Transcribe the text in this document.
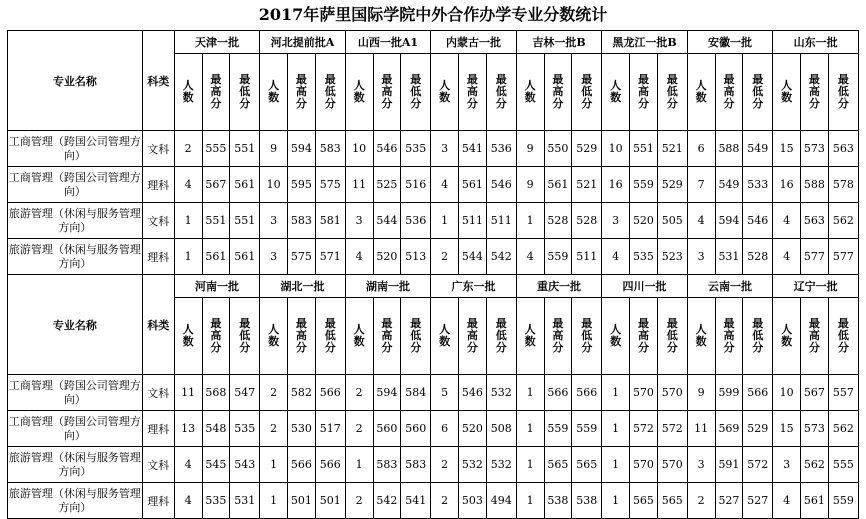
2017年萨里国际学院中外合作办学专业分数统计
专业名称	科类	天津一批			河北提前批A			山西一批A1			内蒙古一批			吉林一批B			黑龙江一批B			安徽一批			山东一批		

		人
数	最
高
分	最
低
分	人
数	最
高
分	最
低
分	人
数	最
高
分	最
低
分	人
数	最
高
分	最
低
分	人
数	最
高
分	最
低
分	人
数	最
高
分	最
低
分	人
数	最
高
分	最
低
分	人
数	最
高
分	最
低
分

工商管理（跨国公司管理方向）	文科	2	555	551	9	594	583	10	546	535	3	541	536	9	550	529	10	551	521	6	588	549	15	573	563
工商管理（跨国公司管理方向）	理科	4	567	561	10	595	575	11	525	516	4	561	546	9	561	521	16	559	529	7	549	533	16	588	578
旅游管理（休闲与服务管理方向）	文科	1	551	551	3	583	581	3	544	536	1	511	511	1	528	528	3	520	505	4	594	546	4	563	562
旅游管理（休闲与服务管理方向）	理科	1	561	561	3	575	571	4	520	513	2	544	542	4	559	511	4	535	523	3	531	528	4	577	577
专业名称	科类	河南一批			湖北一批			湖南一批			广东一批			重庆一批			四川一批			云南一批			辽宁一批		

		人
数	最
高
分	最
低
分	人
数	最
高
分	最
低
分	人
数	最
高
分	最
低
分	人
数	最
高
分	最
低
分	人
数	最
高
分	最
低
分	人
数	最
高
分	最
低
分	人
数	最
高
分	最
低
分	人
数	最
高
分	最
低
分

工商管理（跨国公司管理方向）	文科	11	568	547	2	582	566	2	594	584	5	546	532	1	566	566	1	570	570	9	599	566	10	567	557
工商管理（跨国公司管理方向）	理科	13	548	535	2	530	517	2	560	560	6	520	508	1	559	559	1	572	572	11	569	529	15	573	562
旅游管理（休闲与服务管理方向）	文科	4	545	543	1	566	566	1	583	583	2	532	532	1	565	565	1	570	570	3	591	572	3	562	555
旅游管理（休闲与服务管理方向）	理科	4	535	531	1	501	501	2	542	541	2	503	494	1	538	538	1	565	565	2	527	527	4	561	559
